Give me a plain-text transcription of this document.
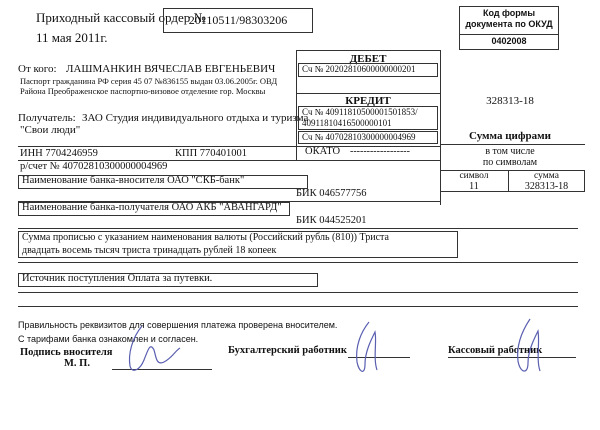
Приходный кассовый ордер №
20110511/98303206
11 мая 2011г.
Код формы документа по ОКУД
0402008
От кого: ЛАШМАНКИН ВЯЧЕСЛАВ ЕВГЕНЬЕВИЧ
Паспорт гражданина РФ серия 45 07 №836155 выдан 03.06.2005г. ОВД
Района Преображенское паспортно-визовое отделение гор. Москвы
ДЕБЕТ
Сч № 20202810600000000201
КРЕДИТ
Сч № 40911810500001501853/
40911810416500000101
Сч № 40702810300000004969
Получатель: ЗАО Студия индивидуального отдыха и туризма
"Свои люди"
328313-18
Сумма цифрами
в том числе
по символам
символ	сумма
11	328313-18
ИНН 7704246959	КПП 770401001	ОКАТО ------------------
р/счет № 40702810300000004969
Наименование банка-вносителя ОАО "СКБ-банк"
БИК 046577756
Наименование банка-получателя ОАО АКБ "АВАНГАРД"
БИК 044525201
Сумма прописью с указанием наименования валюты (Российский рубль (810)) Триста
двадцать восемь тысяч триста тринадцать рублей 18 копеек
Источник поступления Оплата за путевки.
Правильность реквизитов для совершения платежа проверена вносителем.
С тарифами банка ознакомлен и согласен.
Подпись вносителя
М. П.
Бухгалтерский работник	Кассовый работник
